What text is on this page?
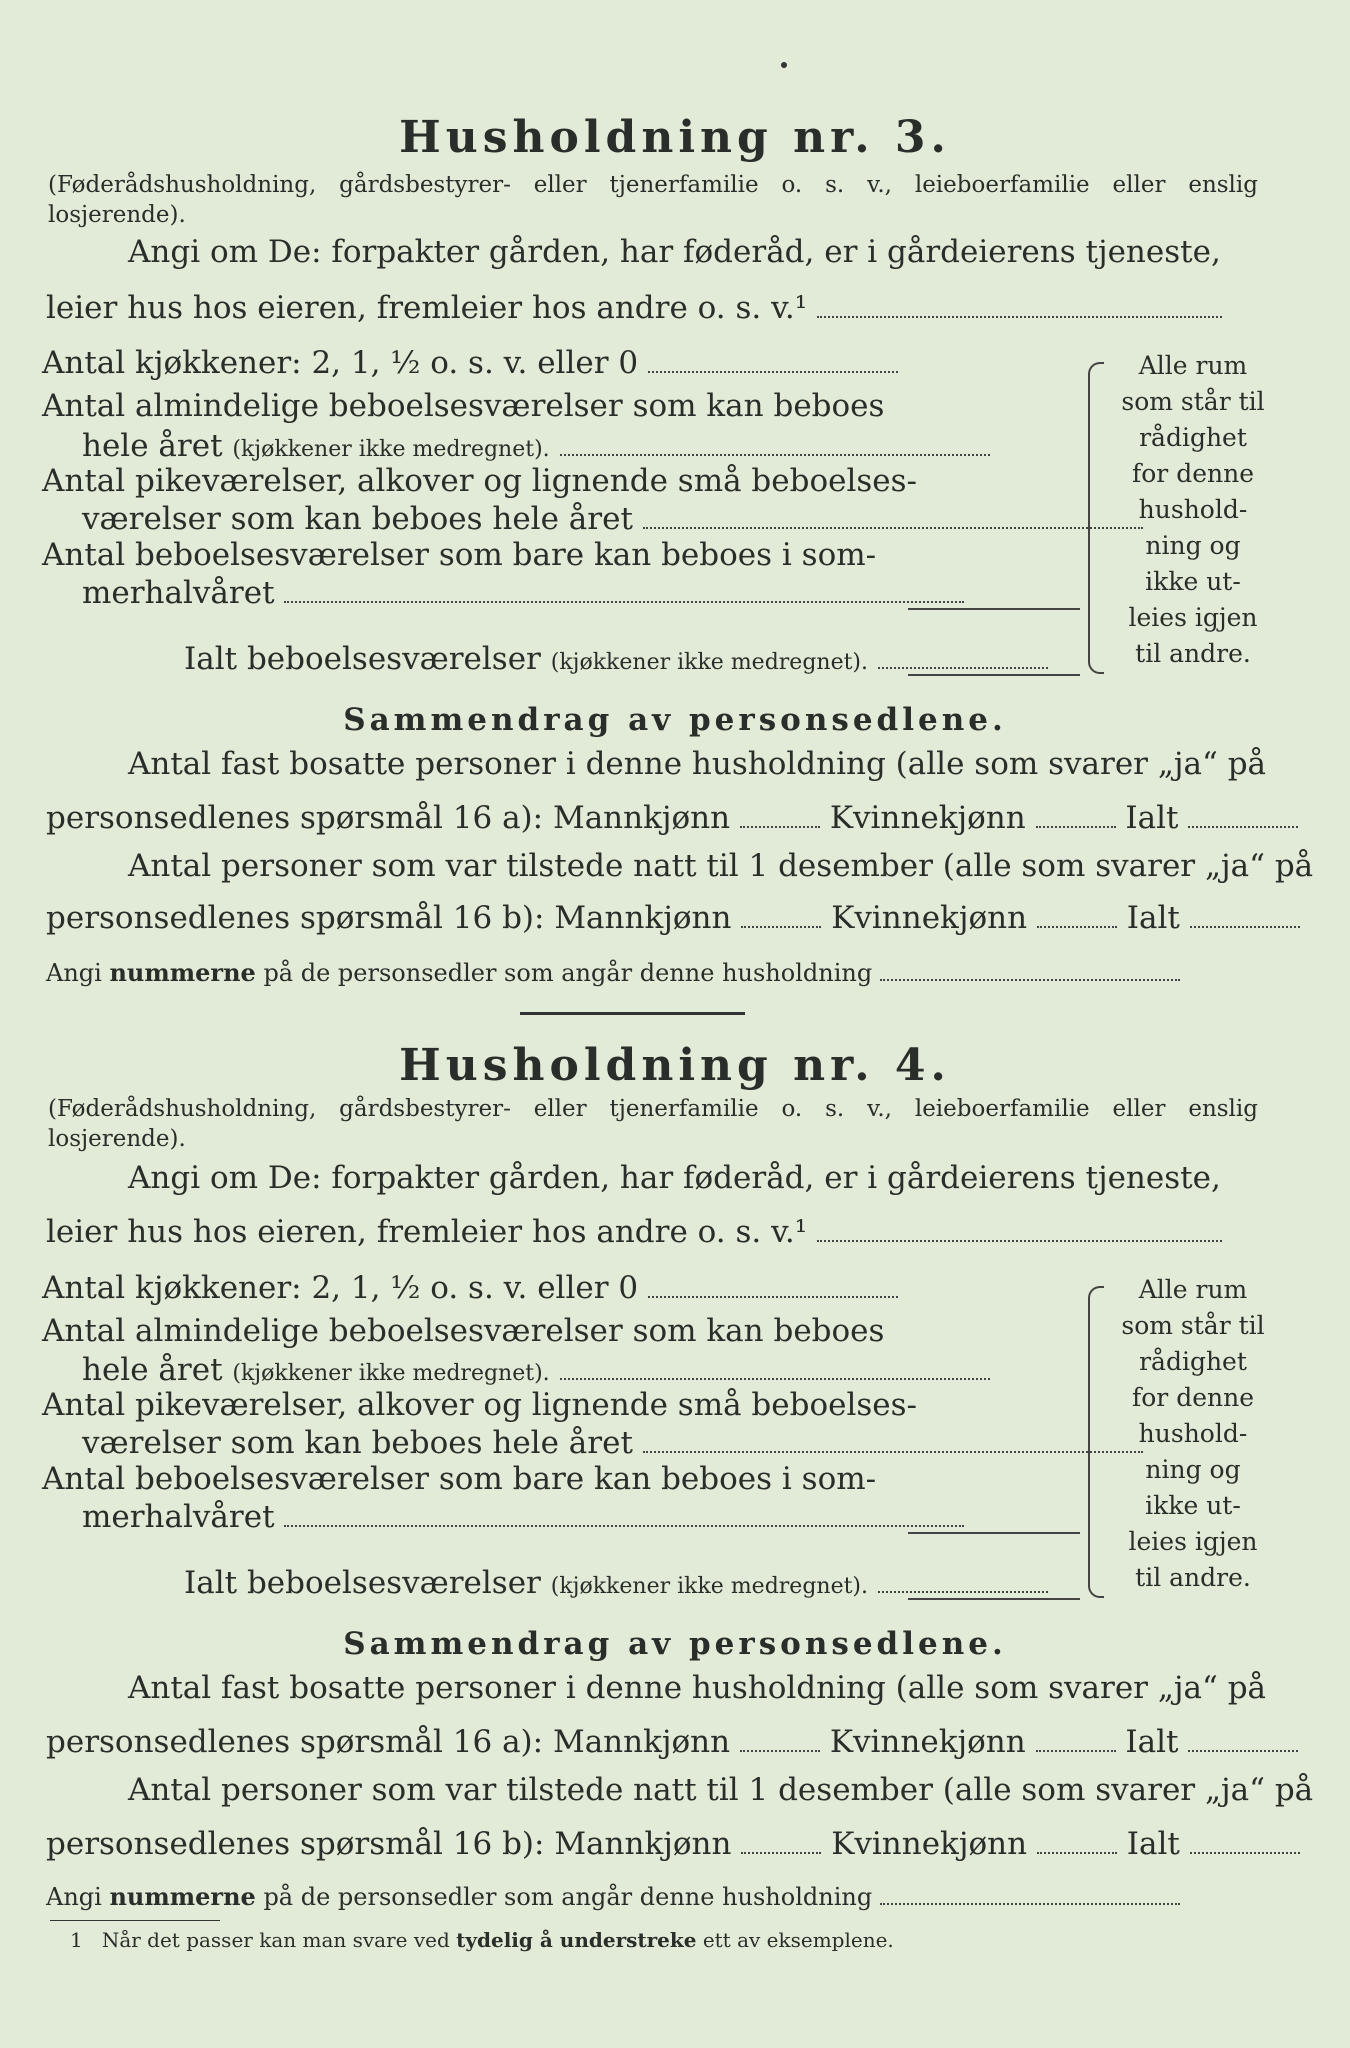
Husholdning nr. 3.
(Føderådshusholdning, gårdsbestyrer- eller tjenerfamilie o. s. v., leieboerfamilie eller enslig losjerende).
Angi om De: forpakter gården, har føderåd, er i gårdeierens tjeneste,
leier hus hos eieren, fremleier hos andre o. s. v.¹
Antal kjøkkener: 2, 1, ½ o. s. v. eller 0
Antal almindelige beboelsesværelser som kan beboes
hele året (kjøkkener ikke medregnet).
Antal pikeværelser, alkover og lignende små beboelses-
værelser som kan beboes hele året
Antal beboelsesværelser som bare kan beboes i som-
merhalvåret
Ialt beboelsesværelser (kjøkkener ikke medregnet).
Alle rum
som står til
rådighet
for denne
hushold-
ning og
ikke ut-
leies igjen
til andre.
Sammendrag av personsedlene.
Antal fast bosatte personer i denne husholdning (alle som svarer „ja“ på
personsedlenes spørsmål 16 a): Mannkjønn	Kvinnekjønn	Ialt
Antal personer som var tilstede natt til 1 desember (alle som svarer „ja“ på
personsedlenes spørsmål 16 b): Mannkjønn	Kvinnekjønn	Ialt
Angi nummerne på de personsedler som angår denne husholdning
Husholdning nr. 4.
(Føderådshusholdning, gårdsbestyrer- eller tjenerfamilie o. s. v., leieboerfamilie eller enslig losjerende).
Angi om De: forpakter gården, har føderåd, er i gårdeierens tjeneste,
leier hus hos eieren, fremleier hos andre o. s. v.¹
Antal kjøkkener: 2, 1, ½ o. s. v. eller 0
Antal almindelige beboelsesværelser som kan beboes
hele året (kjøkkener ikke medregnet).
Antal pikeværelser, alkover og lignende små beboelses-
værelser som kan beboes hele året
Antal beboelsesværelser som bare kan beboes i som-
merhalvåret
Ialt beboelsesværelser (kjøkkener ikke medregnet).
Alle rum
som står til
rådighet
for denne
hushold-
ning og
ikke ut-
leies igjen
til andre.
Sammendrag av personsedlene.
Antal fast bosatte personer i denne husholdning (alle som svarer „ja“ på
personsedlenes spørsmål 16 a): Mannkjønn	Kvinnekjønn	Ialt
Antal personer som var tilstede natt til 1 desember (alle som svarer „ja“ på
personsedlenes spørsmål 16 b): Mannkjønn	Kvinnekjønn	Ialt
Angi nummerne på de personsedler som angår denne husholdning
1 Når det passer kan man svare ved tydelig å understreke ett av eksemplene.
